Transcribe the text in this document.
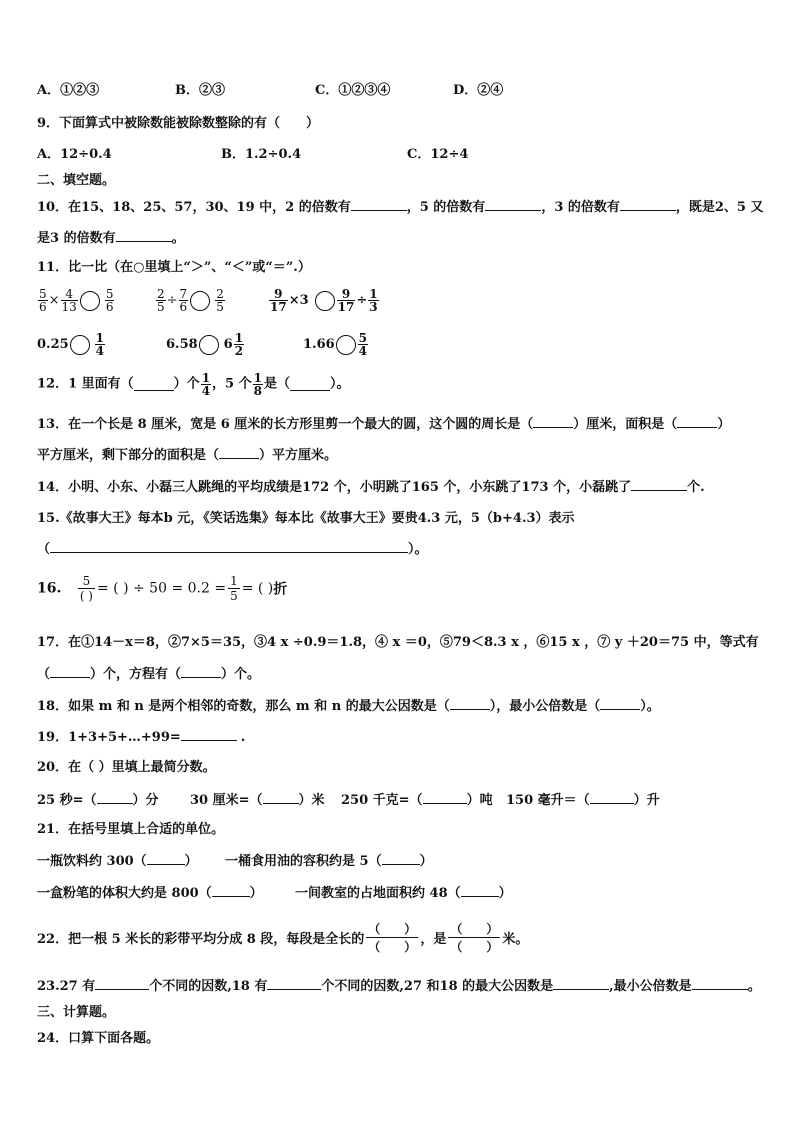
A．①②③	B．②③	C．①②③④	D．②④
9．下面算式中被除数能被除数整除的有（　　）
A．12÷0.4	B．1.2÷0.4	C．12÷4
二、填空题。
10．在15、18、25、57，30、19 中，2 的倍数有	，5 的倍数有	，3 的倍数有	，既是2、5 又
是3 的倍数有	。
11．比一比（在○里填上“＞”、“＜”或“＝”.）
$\frac{5}{6} \times \frac{4}{13} \frac{5}{6}$	$\frac{2}{5} \div \frac{7}{6} \frac{2}{5}$	$\frac{9}{17} \times 3 \frac{9}{17} \div \frac{1}{3}$
$0.25 \frac{1}{4}$	6.58 $6 \frac{1}{2}$	$1.66 \frac{5}{4}$
12．1 里面有（	）个 $\frac{1}{4}$ ，5 个 $\frac{1}{8}$ 是（	）。
13．在一个长是 8 厘米，宽是 6 厘米的长方形里剪一个最大的圆，这个圆的周长是（	）厘米，面积是（	）
平方厘米，剩下部分的面积是（	）平方厘米。
14．小明、小东、小磊三人跳绳的平均成绩是172 个，小明跳了165 个，小东跳了173 个，小磊跳了	个.
15.《故事大王》每本b 元，《笑话选集》每本比《故事大王》要贵4.3 元，5（b+4.3）表示
（	）。
16.	5
( ) = ( ) ÷ $50 = 0.2 = \frac{1}{5}$ = ( )折
17．在①14－x＝8，②7×5＝35，③4 x ÷0.9＝1.8，④ x ＝0，⑤79＜8.3 x ，⑥15 x ，⑦ y ＋20＝75 中，等式有
（	）个，方程有（	）个。
18．如果 m 和 n 是两个相邻的奇数，那么 m 和 n 的最大公因数是（	），最小公倍数是（	）。
19．1+3+5+…+99=	.
20．在（ ）里填上最简分数。
25 秒=（	）分 30 厘米=（	）米 250 千克=（	）吨 150 毫升＝（	）升
21．在括号里填上合适的单位。
一瓶饮料约 300（	） 一桶食用油的容积约是 5（	）
一盒粉笔的体积大约是 800（	） 一间教室的占地面积约 48（	）
22．把一根 5 米长的彩带平均分成 8 段，每段是全长的
（　　）
（　　） ，是
（　　）
（　　） 米。
23.27 有	个不同的因数,18 有	个不同的因数,27 和18 的最大公因数是	,最小公倍数是	。
三、计算题。
24．口算下面各题。
